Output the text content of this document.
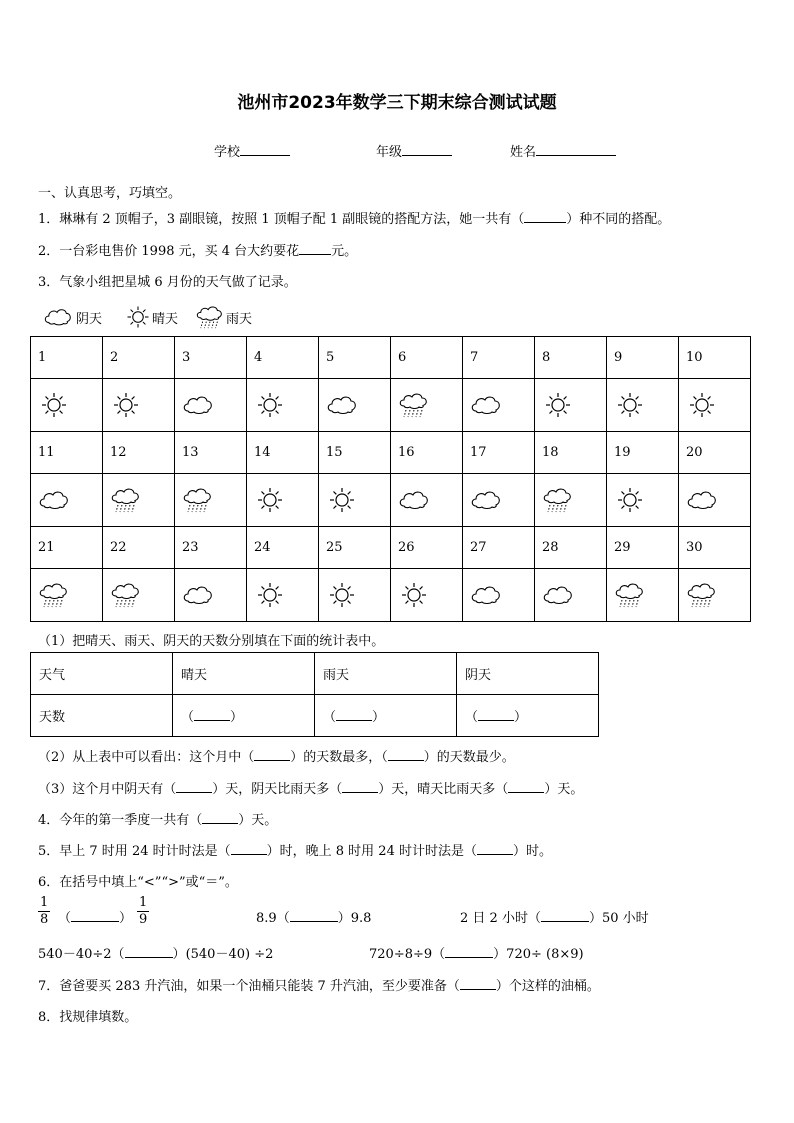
池州市2023年数学三下期末综合测试试题
学校	年级	姓名
一、认真思考，巧填空。
1．琳琳有 2 顶帽子，3 副眼镜，按照 1 顶帽子配 1 副眼镜的搭配方法，她一共有（	）种不同的搭配。
2．一台彩电售价 1998 元，买 4 台大约要花 元。
3．气象小组把星城 6 月份的天气做了记录。
阴天	晴天	雨天
1	2	3	4	5	6	7	8	9	10

11	12	13	14	15	16	17	18	19	20

21	22	23	24	25	26	27	28	29	30

（1）把晴天、雨天、阴天的天数分别填在下面的统计表中。
天气	晴天	雨天	阴天
天数	（ ）	（ ）	（ ）
（2）从上表中可以看出：这个月中（	）的天数最多，（	）的天数最少。
（3）这个月中阴天有（	）天，阴天比雨天多（	）天，晴天比雨天多（	）天。
4．今年的第一季度一共有（	）天。
5．早上 7 时用 24 时计时法是（	）时，晚上 8 时用 24 时计时法是（	）时。
6．在括号中填上“<”“>”或“＝”。
$\frac{1}{8}$ （	） $\frac{1}{9}$	8.9（	）9.8	2 日 2 小时（	）50 小时
540－40÷2（	）(540－40) ÷2	720÷8÷9（	）720÷ (8×9)
7．爸爸要买 283 升汽油，如果一个油桶只能装 7 升汽油，至少要准备（	）个这样的油桶。
8．找规律填数。
